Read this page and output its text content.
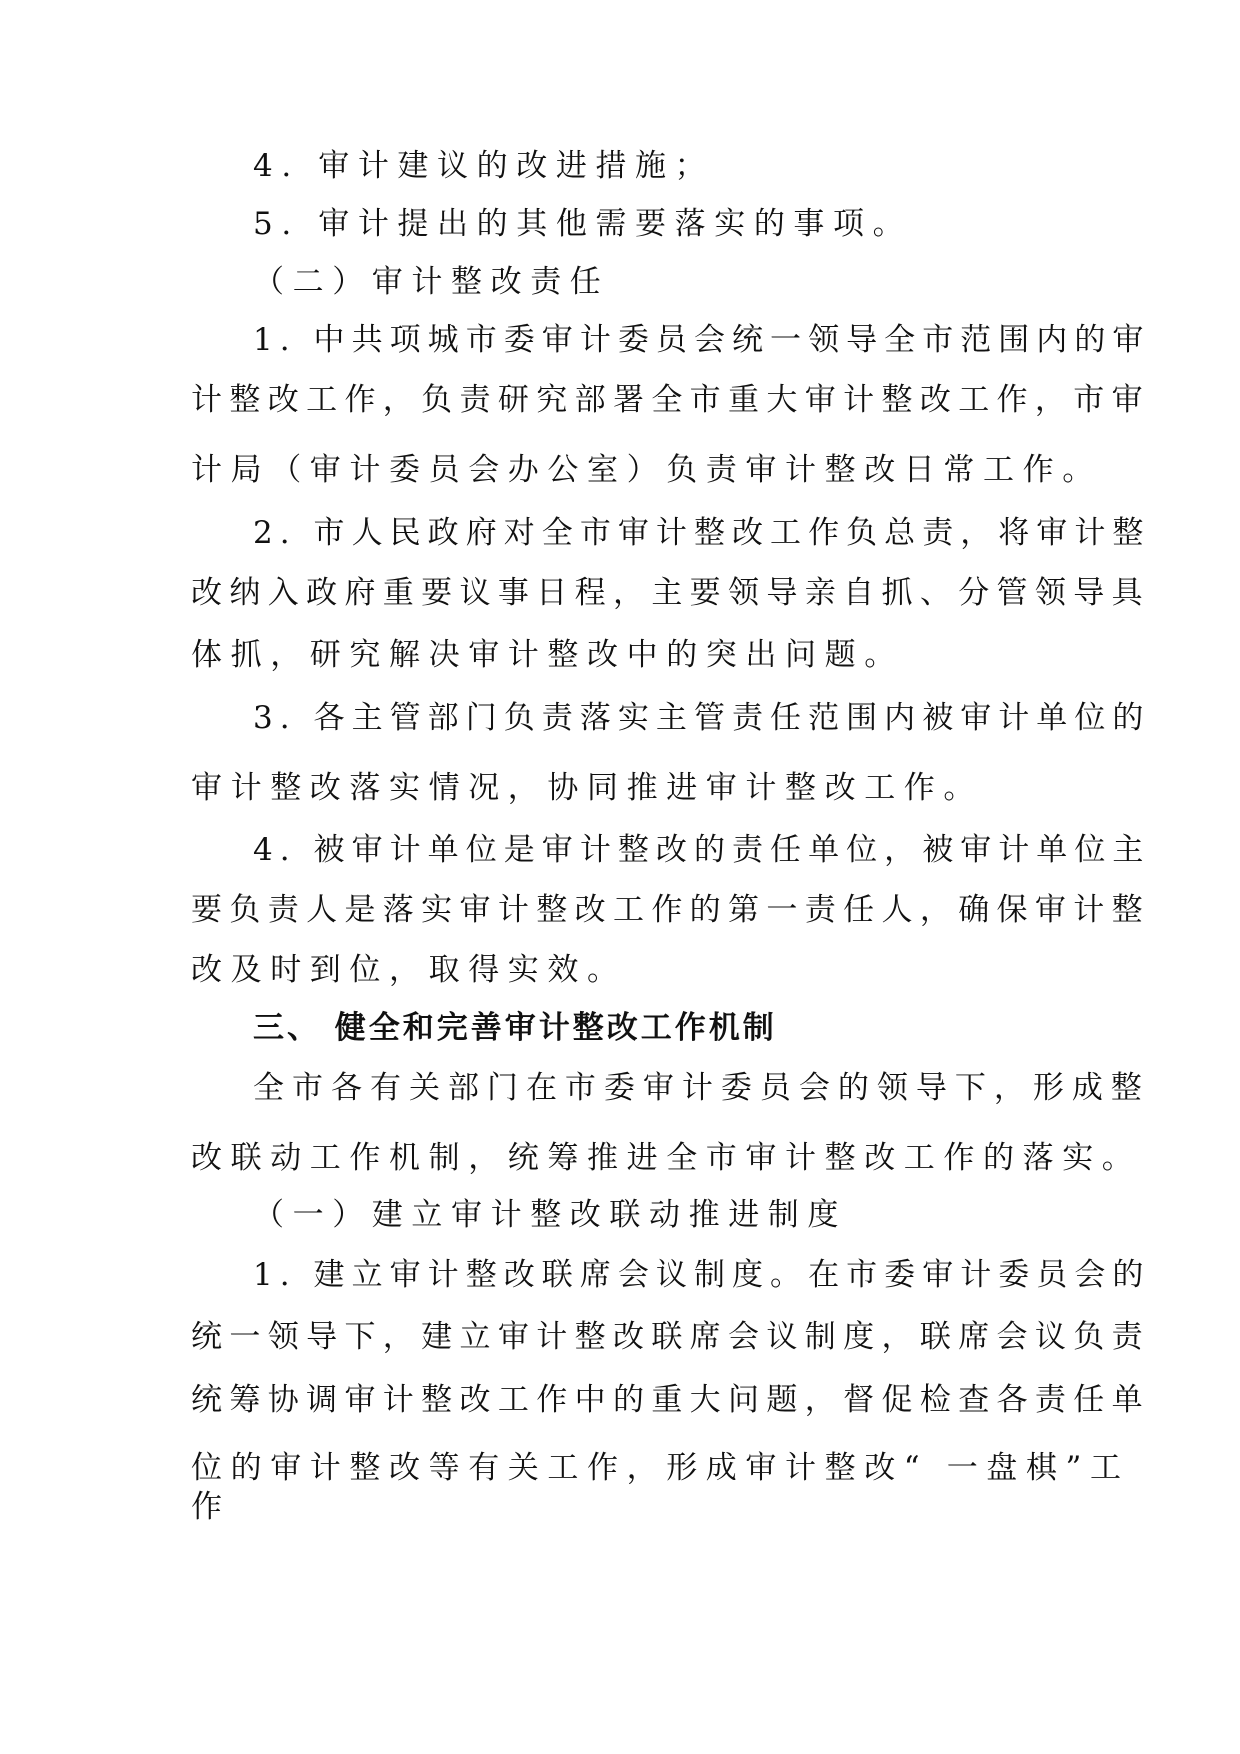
4. 审计建议的改进措施；
5. 审计提出的其他需要落实的事项。
（二）审计整改责任
1. 中共项城市委审计委员会统一领导全市范围内的审
计整改工作，负责研究部署全市重大审计整改工作，市审
计局（审计委员会办公室）负责审计整改日常工作。
2. 市人民政府对全市审计整改工作负总责，将审计整
改纳入政府重要议事日程，主要领导亲自抓、分管领导具
体抓，研究解决审计整改中的突出问题。
3. 各主管部门负责落实主管责任范围内被审计单位的
审计整改落实情况，协同推进审计整改工作。
4. 被审计单位是审计整改的责任单位，被审计单位主
要负责人是落实审计整改工作的第一责任人，确保审计整
改及时到位，取得实效。
三、 健全和完善审计整改工作机制
全市各有关部门在市委审计委员会的领导下，形成整
改联动工作机制，统筹推进全市审计整改工作的落实。
（一）建立审计整改联动推进制度
1. 建立审计整改联席会议制度。在市委审计委员会的
统一领导下，建立审计整改联席会议制度，联席会议负责
统筹协调审计整改工作中的重大问题，督促检查各责任单
位的审计整改等有关工作，形成审计整改“ 一盘棋”工
作
